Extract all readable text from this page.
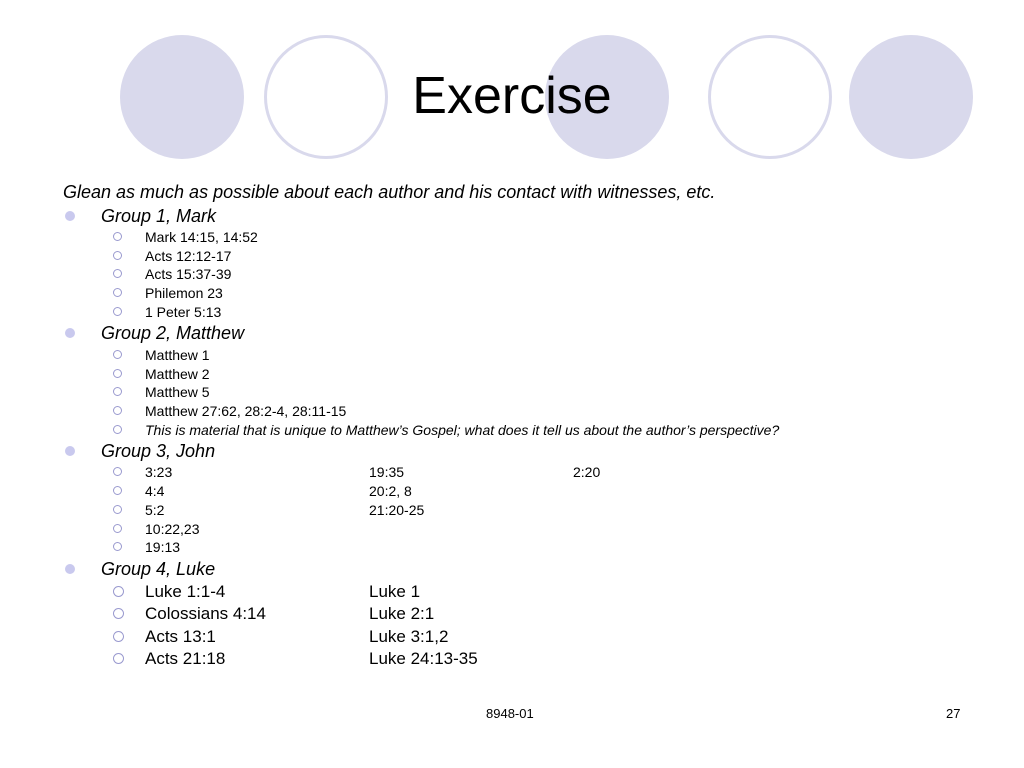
Exercise
Glean as much as possible about each author and his contact with witnesses, etc.
Group 1, Mark
Mark 14:15, 14:52
Acts 12:12-17
Acts 15:37-39
Philemon 23
1 Peter 5:13
Group 2, Matthew
Matthew 1
Matthew 2
Matthew 5
Matthew 27:62, 28:2-4, 28:11-15
This is material that is unique to Matthew’s Gospel; what does it tell us about the author’s perspective?
Group 3, John
3:23	19:35	2:20
4:4	20:2, 8
5:2	21:20-25
10:22,23
19:13
Group 4, Luke
Luke 1:1-4	Luke 1
Colossians 4:14	Luke 2:1
Acts 13:1	Luke 3:1,2
Acts 21:18	Luke 24:13-35
8948-01	27
